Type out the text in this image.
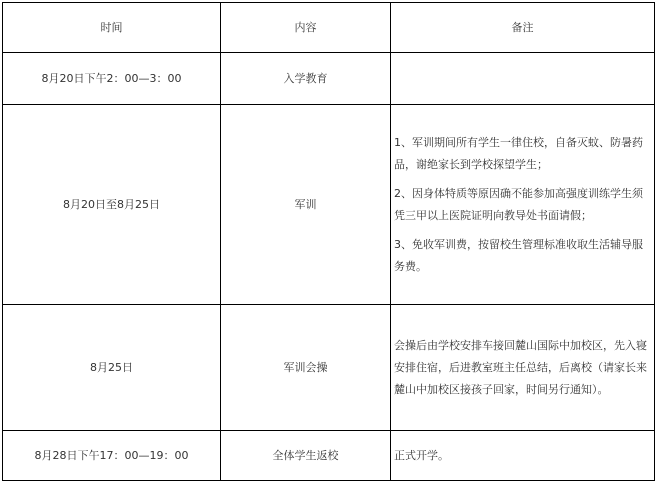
时间	内容	备注
8月20日下午2：00—3：00	入学教育	
8月20日至8月25日	军训	1、军训期间所有学生一律住校，自备灭蚊、防暑药品，谢绝家长到学校探望学生；

2、因身体特质等原因确不能参加高强度训练学生须凭三甲以上医院证明向教导处书面请假；

3、免收军训费，按留校生管理标准收取生活辅导服务费。

8月25日	军训会操	会操后由学校安排车接回麓山国际中加校区，先入寝安排住宿，后进教室班主任总结，后离校（请家长来麓山中加校区接孩子回家，时间另行通知）。

8月28日下午17：00—19：00	全体学生返校	正式开学。
